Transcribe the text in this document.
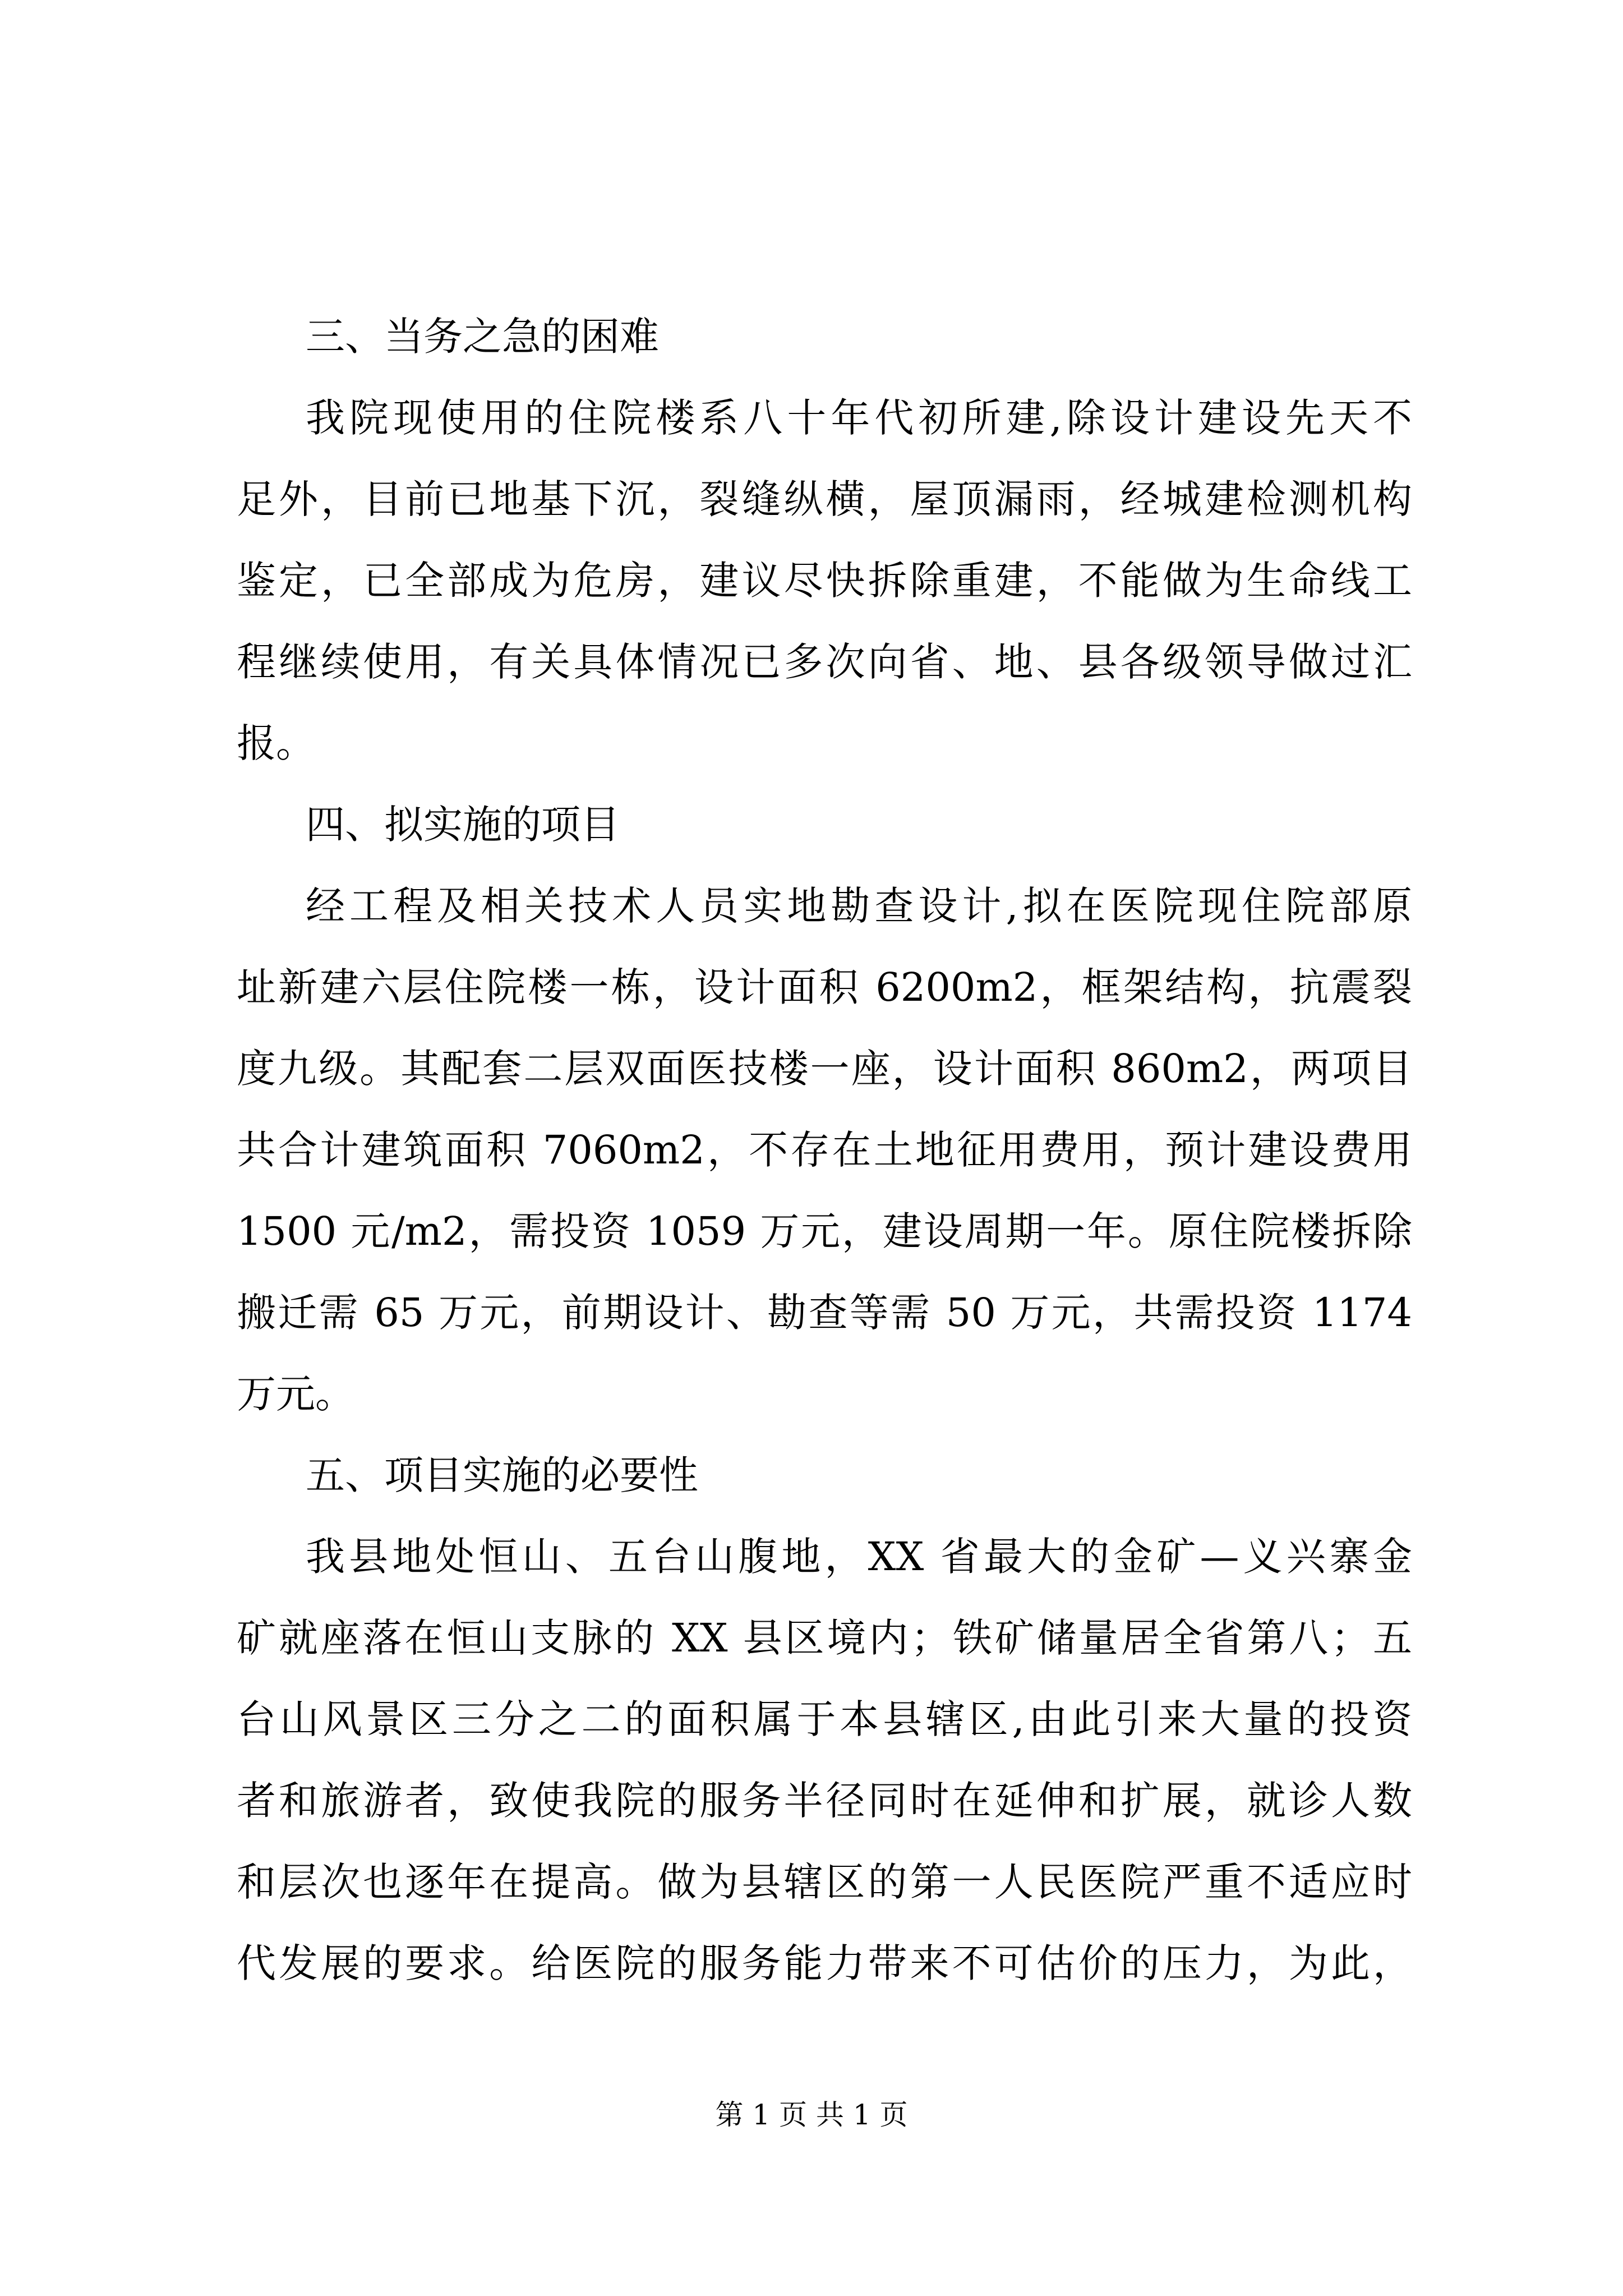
三、当务之急的困难
我院现使用的住院楼系八十年代初所建,除设计建设先天不
足外，目前已地基下沉，裂缝纵横，屋顶漏雨，经城建检测机构
鉴定，已全部成为危房，建议尽快拆除重建，不能做为生命线工
程继续使用，有关具体情况已多次向省、地、县各级领导做过汇
报。
四、拟实施的项目
经工程及相关技术人员实地勘查设计,拟在医院现住院部原
址新建六层住院楼一栋，设计面积 6200m2，框架结构，抗震裂
度九级。其配套二层双面医技楼一座，设计面积 860m2，两项目
共合计建筑面积 7060m2，不存在土地征用费用，预计建设费用
1500 元/m2，需投资 1059 万元，建设周期一年。原住院楼拆除
搬迁需 65 万元，前期设计、勘查等需 50 万元，共需投资 1174
万元。
五、项目实施的必要性
我县地处恒山、五台山腹地，XX 省最大的金矿—义兴寨金
矿就座落在恒山支脉的 XX 县区境内；铁矿储量居全省第八；五
台山风景区三分之二的面积属于本县辖区,由此引来大量的投资
者和旅游者，致使我院的服务半径同时在延伸和扩展，就诊人数
和层次也逐年在提高。做为县辖区的第一人民医院严重不适应时
代发展的要求。给医院的服务能力带来不可估价的压力，为此，
第 1 页 共 1 页
